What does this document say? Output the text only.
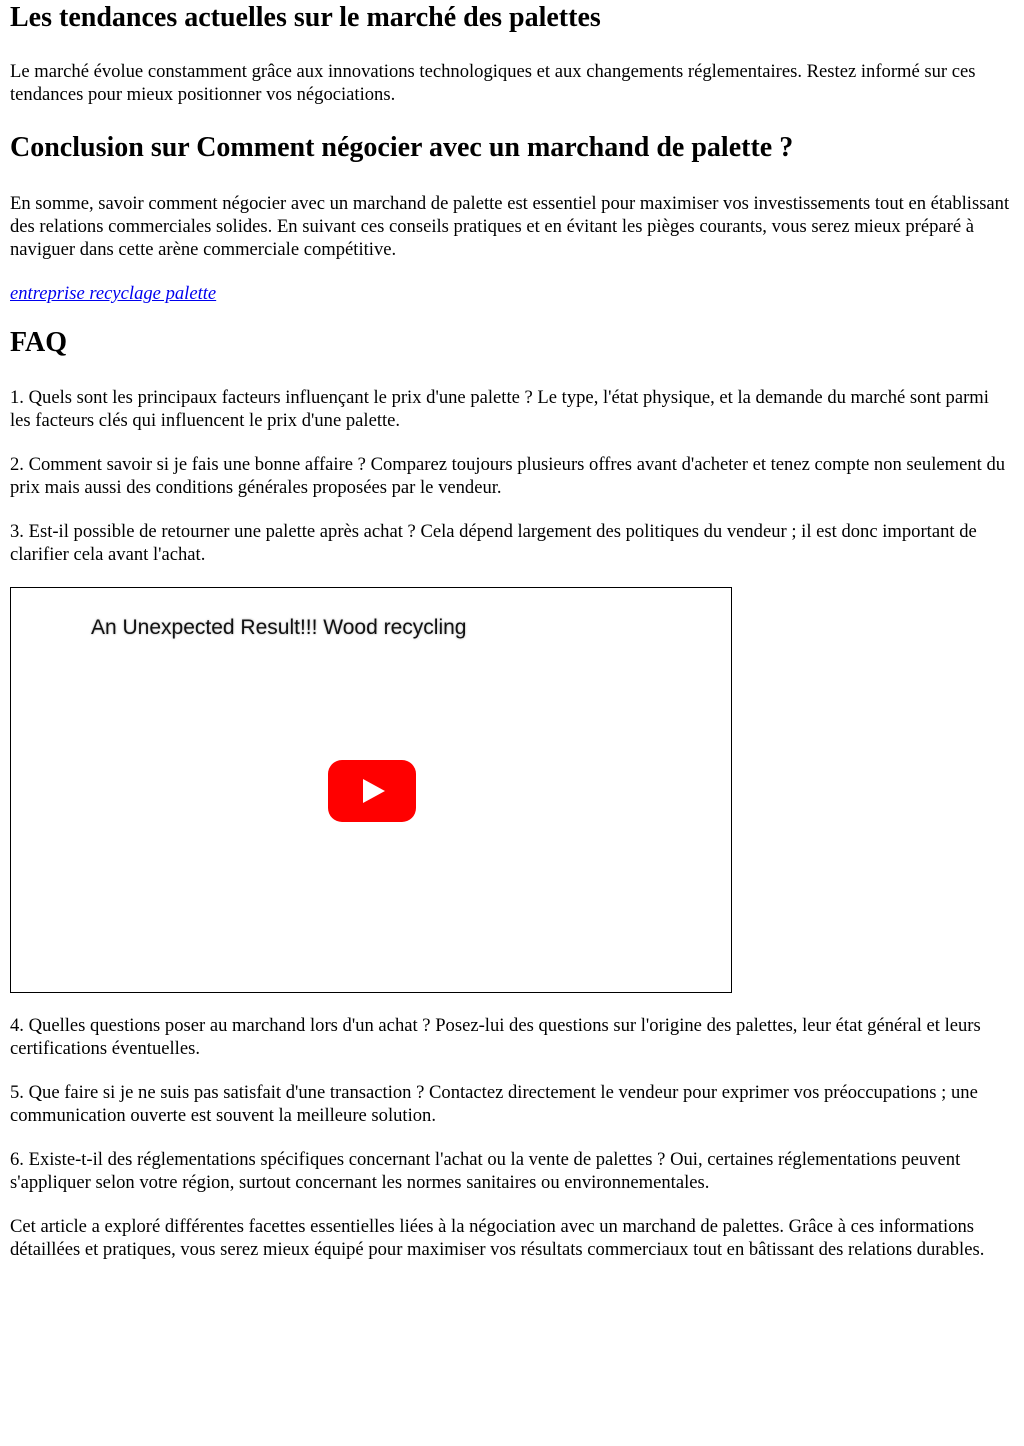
Les tendances actuelles sur le marché des palettes

Le marché évolue constamment grâce aux innovations technologiques et aux changements réglementaires. Restez informé sur ces tendances pour mieux positionner vos négociations.

Conclusion sur Comment négocier avec un marchand de palette ?

En somme, savoir comment négocier avec un marchand de palette est essentiel pour maximiser vos investissements tout en établissant des relations commerciales solides. En suivant ces conseils pratiques et en évitant les pièges courants, vous serez mieux préparé à naviguer dans cette arène commerciale compétitive.

entreprise recyclage palette

FAQ

1. Quels sont les principaux facteurs influençant le prix d'une palette ? Le type, l'état physique, et la demande du marché sont parmi les facteurs clés qui influencent le prix d'une palette.

2. Comment savoir si je fais une bonne affaire ? Comparez toujours plusieurs offres avant d'acheter et tenez compte non seulement du prix mais aussi des conditions générales proposées par le vendeur.

3. Est-il possible de retourner une palette après achat ? Cela dépend largement des politiques du vendeur ; il est donc important de clarifier cela avant l'achat.

An Unexpected Result!!! Wood recycling

4. Quelles questions poser au marchand lors d'un achat ? Posez-lui des questions sur l'origine des palettes, leur état général et leurs certifications éventuelles.

5. Que faire si je ne suis pas satisfait d'une transaction ? Contactez directement le vendeur pour exprimer vos préoccupations ; une communication ouverte est souvent la meilleure solution.

6. Existe-t-il des réglementations spécifiques concernant l'achat ou la vente de palettes ? Oui, certaines réglementations peuvent s'appliquer selon votre région, surtout concernant les normes sanitaires ou environnementales.

Cet article a exploré différentes facettes essentielles liées à la négociation avec un marchand de palettes. Grâce à ces informations détaillées et pratiques, vous serez mieux équipé pour maximiser vos résultats commerciaux tout en bâtissant des relations durables.
